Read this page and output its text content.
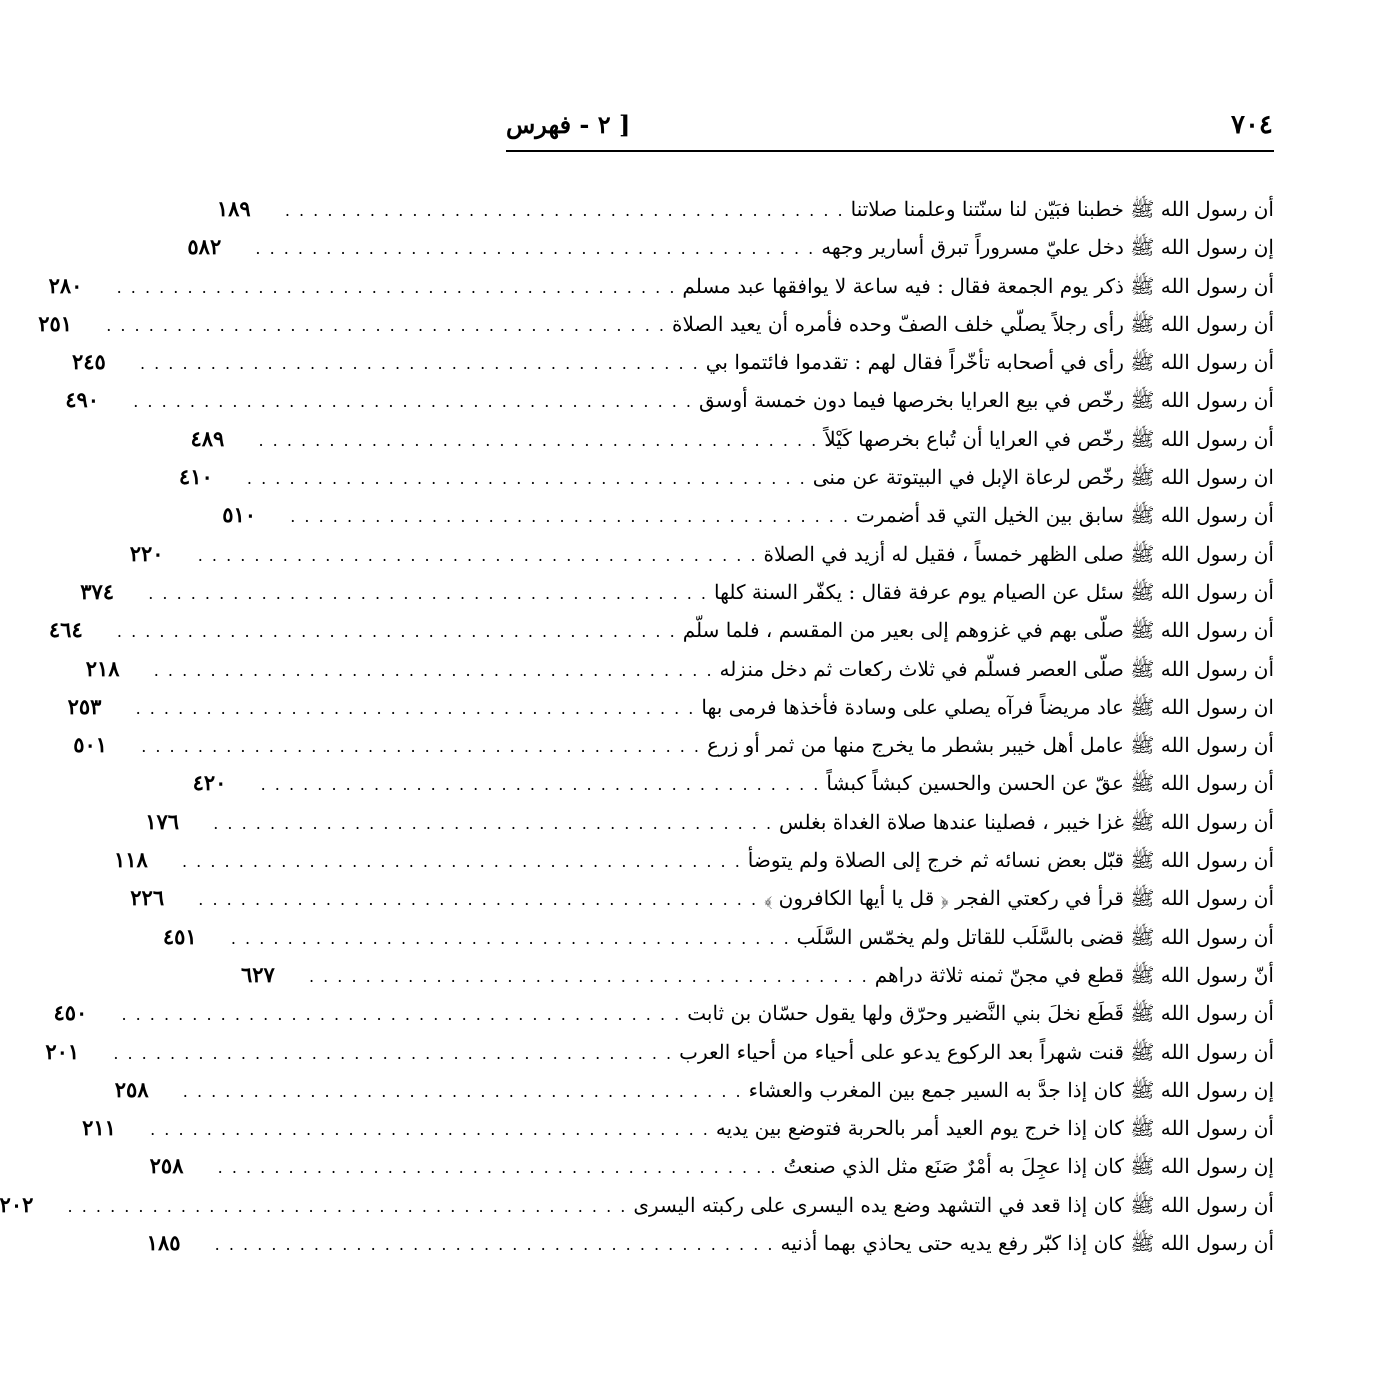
٧٠٤
[ ٢ - فهرس
أن رسول الله ﷺ خطبنا فبَيّن لنا سنّتنا وعلمنا صلاتنا
. . . . . . . . . . . . . . . . . . . . . . . . . . . . . . . . . . . . . . . .
١٨٩
إن رسول الله ﷺ دخل عليّ مسروراً تبرق أسارير وجهه
. . . . . . . . . . . . . . . . . . . . . . . . . . . . . . . . . . . . . . . .
٥٨٢
أن رسول الله ﷺ ذكر يوم الجمعة فقال : فيه ساعة لا يوافقها عبد مسلم
. . . . . . . . . . . . . . . . . . . . . . . . . . . . . . . . . . . . . . . .
٢٨٠
أن رسول الله ﷺ رأى رجلاً يصلّي خلف الصفّ وحده فأمره أن يعيد الصلاة
. . . . . . . . . . . . . . . . . . . . . . . . . . . . . . . . . . . . . . . .
٢٥١
أن رسول الله ﷺ رأى في أصحابه تأخّراً فقال لهم : تقدموا فائتموا بي
. . . . . . . . . . . . . . . . . . . . . . . . . . . . . . . . . . . . . . . .
٢٤٥
أن رسول الله ﷺ رخّص في بيع العرايا بخرصها فيما دون خمسة أوسق
. . . . . . . . . . . . . . . . . . . . . . . . . . . . . . . . . . . . . . . .
٤٩٠
أن رسول الله ﷺ رخّص في العرايا أن تُباع بخرصها كَيْلاً
. . . . . . . . . . . . . . . . . . . . . . . . . . . . . . . . . . . . . . . .
٤٨٩
ان رسول الله ﷺ رخّص لرعاة الإبل في البيتوتة عن منى
. . . . . . . . . . . . . . . . . . . . . . . . . . . . . . . . . . . . . . . .
٤١٠
أن رسول الله ﷺ سابق بين الخيل التي قد أضمرت
. . . . . . . . . . . . . . . . . . . . . . . . . . . . . . . . . . . . . . . .
٥١٠
أن رسول الله ﷺ صلى الظهر خمساً ، فقيل له أزيد في الصلاة
. . . . . . . . . . . . . . . . . . . . . . . . . . . . . . . . . . . . . . . .
٢٢٠
أن رسول الله ﷺ سئل عن الصيام يوم عرفة فقال : يكفّر السنة كلها
. . . . . . . . . . . . . . . . . . . . . . . . . . . . . . . . . . . . . . . .
٣٧٤
أن رسول الله ﷺ صلّى بهم في غزوهم إلى بعير من المقسم ، فلما سلّم
. . . . . . . . . . . . . . . . . . . . . . . . . . . . . . . . . . . . . . . .
٤٦٤
أن رسول الله ﷺ صلّى العصر فسلّم في ثلاث ركعات ثم دخل منزله
. . . . . . . . . . . . . . . . . . . . . . . . . . . . . . . . . . . . . . . .
٢١٨
ان رسول الله ﷺ عاد مريضاً فرآه يصلي على وسادة فأخذها فرمى بها
. . . . . . . . . . . . . . . . . . . . . . . . . . . . . . . . . . . . . . . .
٢٥٣
أن رسول الله ﷺ عامل أهل خيبر بشطر ما يخرج منها من ثمر أو زرع
. . . . . . . . . . . . . . . . . . . . . . . . . . . . . . . . . . . . . . . .
٥٠١
أن رسول الله ﷺ عقّ عن الحسن والحسين كبشاً كبشاً
. . . . . . . . . . . . . . . . . . . . . . . . . . . . . . . . . . . . . . . .
٤٢٠
أن رسول الله ﷺ غزا خيبر ، فصلينا عندها صلاة الغداة بغلس
. . . . . . . . . . . . . . . . . . . . . . . . . . . . . . . . . . . . . . . .
١٧٦
أن رسول الله ﷺ قبّل بعض نسائه ثم خرج إلى الصلاة ولم يتوضأ
. . . . . . . . . . . . . . . . . . . . . . . . . . . . . . . . . . . . . . . .
١١٨
أن رسول الله ﷺ قرأ في ركعتي الفجر ﴿ قل يا أيها الكافرون ﴾
. . . . . . . . . . . . . . . . . . . . . . . . . . . . . . . . . . . . . . . .
٢٢٦
أن رسول الله ﷺ قضى بالسَّلَب للقاتل ولم يخمّس السَّلَب
. . . . . . . . . . . . . . . . . . . . . . . . . . . . . . . . . . . . . . . .
٤٥١
أنّ رسول الله ﷺ قطع في مجنّ ثمنه ثلاثة دراهم
. . . . . . . . . . . . . . . . . . . . . . . . . . . . . . . . . . . . . . . .
٦٢٧
أن رسول الله ﷺ قَطَع نخلَ بني النَّضير وحرّق ولها يقول حسّان بن ثابت
. . . . . . . . . . . . . . . . . . . . . . . . . . . . . . . . . . . . . . . .
٤٥٠
أن رسول الله ﷺ قنت شهراً بعد الركوع يدعو على أحياء من أحياء العرب
. . . . . . . . . . . . . . . . . . . . . . . . . . . . . . . . . . . . . . . .
٢٠١
إن رسول الله ﷺ كان إذا جدَّ به السير جمع بين المغرب والعشاء
. . . . . . . . . . . . . . . . . . . . . . . . . . . . . . . . . . . . . . . .
٢٥٨
أن رسول الله ﷺ كان إذا خرج يوم العيد أمر بالحربة فتوضع بين يديه
. . . . . . . . . . . . . . . . . . . . . . . . . . . . . . . . . . . . . . . .
٢١١
إن رسول الله ﷺ كان إذا عجِلَ به أمْرٌ صَنَع مثل الذي صنعتُ
. . . . . . . . . . . . . . . . . . . . . . . . . . . . . . . . . . . . . . . .
٢٥٨
أن رسول الله ﷺ كان إذا قعد في التشهد وضع يده اليسرى على ركبته اليسرى
. . . . . . . . . . . . . . . . . . . . . . . . . . . . . . . . . . . . . . . .
٢٠٢
أن رسول الله ﷺ كان إذا كبّر رفع يديه حتى يحاذي بهما أذنيه
. . . . . . . . . . . . . . . . . . . . . . . . . . . . . . . . . . . . . . . .
١٨٥
